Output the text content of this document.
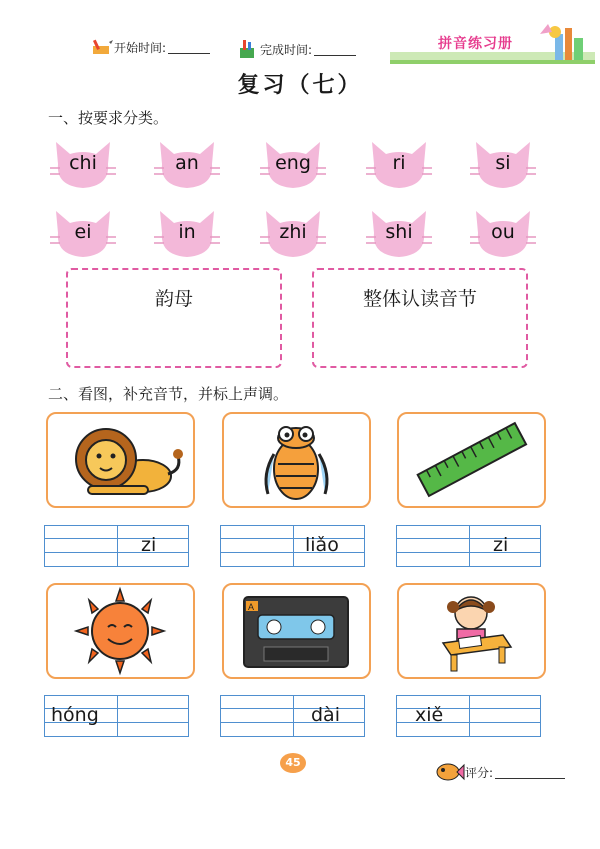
开始时间:	完成时间:	拼音练习册
复习（七）
一、按要求分类。
chi	an	eng	ri	si
ei	in	zhi	shi	ou
韵母	整体认读音节
二、看图，补充音节，并标上声调。
zi	liǎo	zi
A
hóng	dài	xiě
45
评分:
